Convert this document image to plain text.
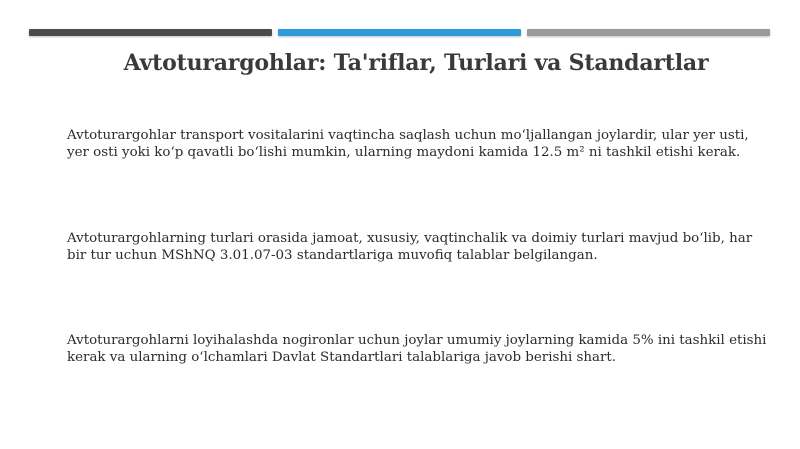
Avtoturargohlar: Ta'riflar, Turlari va Standartlar
Avtoturargohlar transport vositalarini vaqtincha saqlash uchun moʻljallangan joylardir, ular yer usti, yer osti yoki koʻp qavatli boʻlishi mumkin, ularning maydoni kamida 12.5 m² ni tashkil etishi kerak.
Avtoturargohlarning turlari orasida jamoat, xususiy, vaqtinchalik va doimiy turlari mavjud boʻlib, har bir tur uchun MShNQ 3.01.07-03 standartlariga muvofiq talablar belgilangan.
Avtoturargohlarni loyihalashda nogironlar uchun joylar umumiy joylarning kamida 5% ini tashkil etishi kerak va ularning oʻlchamlari Davlat Standartlari talablariga javob berishi shart.
